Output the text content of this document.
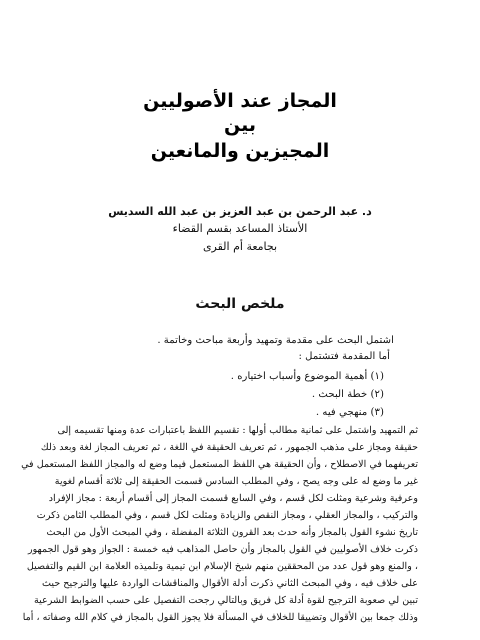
المجاز عند الأصوليين
بين
المجيزين والمانعين
د. عبد الرحمن بن عبد العزيز بن عبد الله السديس
الأستاذ المساعد بقسم القضاء
بجامعة أم القرى
ملخص البحث
اشتمل البحث على مقدمة وتمهيد وأربعة مباحث وخاتمة .
أما المقدمة فتشتمل :
(١) أهمية الموضوع وأسباب اختياره .
(٢) خطة البحث .
(٣) منهجي فيه .
ثم التمهيد واشتمل على ثمانية مطالب أولها : تقسيم اللفظ باعتبارات عدة ومنها تقسيمه إلى
حقيقة ومجاز على مذهب الجمهور ، ثم تعريف الحقيقة في اللغة ، ثم تعريف المجاز لغة وبعد ذلك
تعريفهما في الاصطلاح ، وأن الحقيقة هي اللفظ المستعمل فيما وضع له والمجاز اللفظ المستعمل في
غير ما وضع له على وجه يصح ، وفي المطلب السادس قسمت الحقيقة إلى ثلاثة أقسام لغوية
وعرفية وشرعية ومثلت لكل قسم ، وفي السابع قسمت المجاز إلى أقسام أربعة : مجاز الإفراد
والتركيب ، والمجاز العقلي ، ومجاز النقص والزيادة ومثلت لكل قسم ، وفي المطلب الثامن ذكرت
تاريخ نشوء القول بالمجاز وأنه حدث بعد القرون الثلاثة المفضلة ، وفي المبحث الأول من البحث
ذكرت خلاف الأصوليين في القول بالمجاز وأن حاصل المذاهب فيه خمسة : الجواز وهو قول الجمهور
، والمنع وهو قول عدد من المحققين منهم شيخ الإسلام ابن تيمية وتلميذه العلامة ابن القيم والتفصيل
على خلاف فيه ، وفي المبحث الثاني ذكرت أدلة الأقوال والمناقشات الواردة عليها والترجيح حيث
تبين لي صعوبة الترجيح لقوة أدلة كل فريق وبالتالي رجحت التفصيل على حسب الضوابط الشرعية
وذلك جمعا بين الأقوال وتضييقا للخلاف في المسألة فلا يجوز القول بالمجاز في كلام الله وصفاته ، أما
